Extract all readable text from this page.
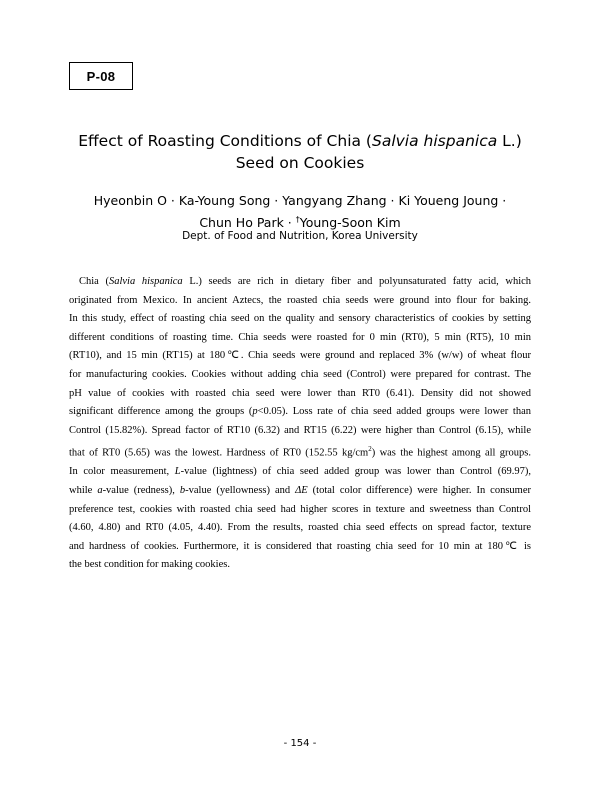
P-08
Effect of Roasting Conditions of Chia (Salvia hispanica L.)
Seed on Cookies
Hyeonbin O · Ka-Young Song · Yangyang Zhang · Ki Youeng Joung ·
Chun Ho Park · †Young-Soon Kim
Dept. of Food and Nutrition, Korea University
Chia (Salvia hispanica L.) seeds are rich in dietary fiber and polyunsaturated fatty acid, which
originated from Mexico. In ancient Aztecs, the roasted chia seeds were ground into flour for baking.
In this study, effect of roasting chia seed on the quality and sensory characteristics of cookies by setting
different conditions of roasting time. Chia seeds were roasted for 0 min (RT0), 5 min (RT5), 10 min
(RT10), and 15 min (RT15) at 180℃. Chia seeds were ground and replaced 3% (w/w) of wheat flour
for manufacturing cookies. Cookies without adding chia seed (Control) were prepared for contrast. The
pH value of cookies with roasted chia seed were lower than RT0 (6.41). Density did not showed
significant difference among the groups (p<0.05). Loss rate of chia seed added groups were lower than
Control (15.82%). Spread factor of RT10 (6.32) and RT15 (6.22) were higher than Control (6.15), while
that of RT0 (5.65) was the lowest. Hardness of RT0 (152.55 $kg/cm^2$) was the highest among all groups.
In color measurement, L-value (lightness) of chia seed added group was lower than Control (69.97),
while a-value (redness), b-value (yellowness) and ΔE (total color difference) were higher. In consumer
preference test, cookies with roasted chia seed had higher scores in texture and sweetness than Control
(4.60, 4.80) and RT0 (4.05, 4.40). From the results, roasted chia seed effects on spread factor, texture
and hardness of cookies. Furthermore, it is considered that roasting chia seed for 10 min at 180℃ is
the best condition for making cookies.
- 154 -
